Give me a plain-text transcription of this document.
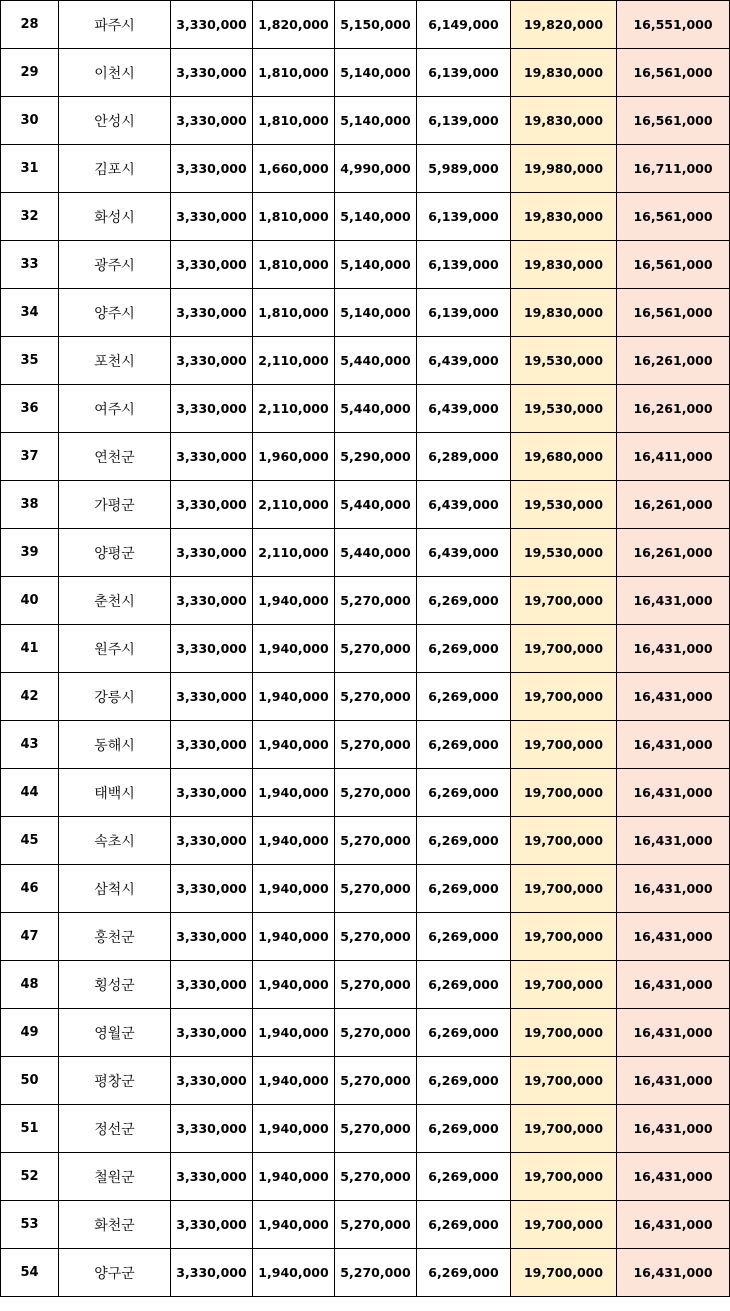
28	파주시	3,330,000	1,820,000	5,150,000	6,149,000	19,820,000	16,551,000
29	이천시	3,330,000	1,810,000	5,140,000	6,139,000	19,830,000	16,561,000
30	안성시	3,330,000	1,810,000	5,140,000	6,139,000	19,830,000	16,561,000
31	김포시	3,330,000	1,660,000	4,990,000	5,989,000	19,980,000	16,711,000
32	화성시	3,330,000	1,810,000	5,140,000	6,139,000	19,830,000	16,561,000
33	광주시	3,330,000	1,810,000	5,140,000	6,139,000	19,830,000	16,561,000
34	양주시	3,330,000	1,810,000	5,140,000	6,139,000	19,830,000	16,561,000
35	포천시	3,330,000	2,110,000	5,440,000	6,439,000	19,530,000	16,261,000
36	여주시	3,330,000	2,110,000	5,440,000	6,439,000	19,530,000	16,261,000
37	연천군	3,330,000	1,960,000	5,290,000	6,289,000	19,680,000	16,411,000
38	가평군	3,330,000	2,110,000	5,440,000	6,439,000	19,530,000	16,261,000
39	양평군	3,330,000	2,110,000	5,440,000	6,439,000	19,530,000	16,261,000
40	춘천시	3,330,000	1,940,000	5,270,000	6,269,000	19,700,000	16,431,000
41	원주시	3,330,000	1,940,000	5,270,000	6,269,000	19,700,000	16,431,000
42	강릉시	3,330,000	1,940,000	5,270,000	6,269,000	19,700,000	16,431,000
43	동해시	3,330,000	1,940,000	5,270,000	6,269,000	19,700,000	16,431,000
44	태백시	3,330,000	1,940,000	5,270,000	6,269,000	19,700,000	16,431,000
45	속초시	3,330,000	1,940,000	5,270,000	6,269,000	19,700,000	16,431,000
46	삼척시	3,330,000	1,940,000	5,270,000	6,269,000	19,700,000	16,431,000
47	홍천군	3,330,000	1,940,000	5,270,000	6,269,000	19,700,000	16,431,000
48	횡성군	3,330,000	1,940,000	5,270,000	6,269,000	19,700,000	16,431,000
49	영월군	3,330,000	1,940,000	5,270,000	6,269,000	19,700,000	16,431,000
50	평창군	3,330,000	1,940,000	5,270,000	6,269,000	19,700,000	16,431,000
51	정선군	3,330,000	1,940,000	5,270,000	6,269,000	19,700,000	16,431,000
52	철원군	3,330,000	1,940,000	5,270,000	6,269,000	19,700,000	16,431,000
53	화천군	3,330,000	1,940,000	5,270,000	6,269,000	19,700,000	16,431,000
54	양구군	3,330,000	1,940,000	5,270,000	6,269,000	19,700,000	16,431,000
